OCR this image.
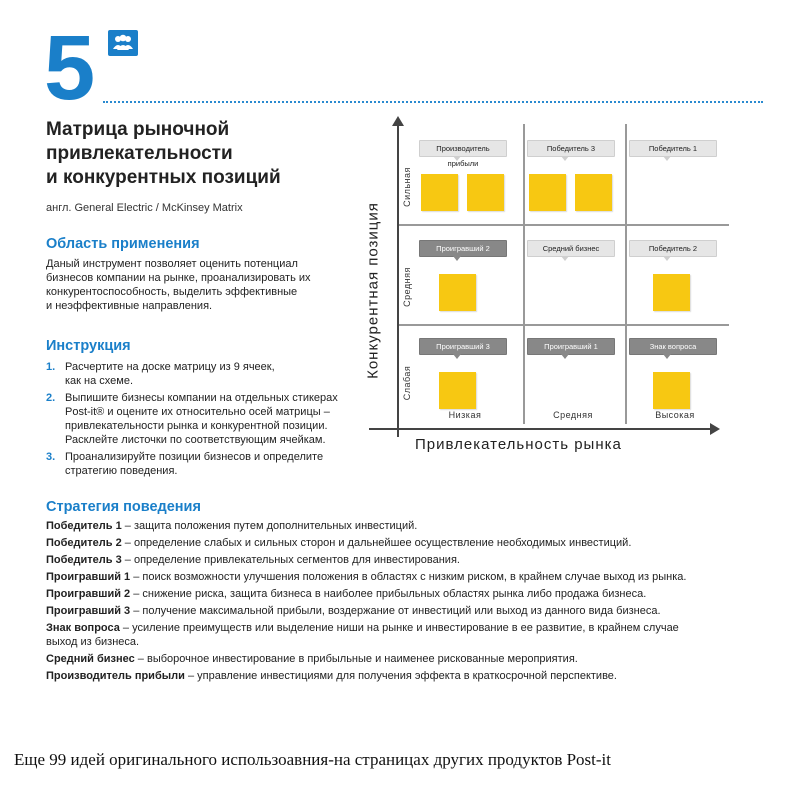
5
Матрица рыночной
привлекательности
и конкурентных позиций
англ. General Electric / McKinsey Matrix
Область применения
Даный инструмент позволяет оценить потенциал
бизнесов компании на рынке, проанализировать их
конкурентоспособность, выделить эффективные
и неэффективные направления.
Инструкция
1. Расчертите на доске матрицу из 9 ячеек,
как на схеме.
2. Выпишите бизнесы компании на отдельных стикерах
Post-it® и оцените их относительно осей матрицы –
привлекательности рынка и конкурентной позиции.
Расклейте листочки по соответствующим ячейкам.
3. Проанализируйте позиции бизнесов и определите
стратегию поведения.
Стратегия поведения
Победитель 1 – защита положения путем дополнительных инвестиций.
Победитель 2 – определение слабых и сильных сторон и дальнейшее осуществление необходимых инвестиций.
Победитель 3 – определение привлекательных сегментов для инвестирования.
Проигравший 1 – поиск возможности улучшения положения в областях с низким риском, в крайнем случае выход из рынка.
Проигравший 2 – снижение риска, защита бизнеса в наиболее прибыльных областях рынка либо продажа бизнеса.
Проигравший 3 – получение максимальной прибыли, воздержание от инвестиций или выход из данного вида бизнеса.
Знак вопроса – усиление преимуществ или выделение ниши на рынке и инвестирование в ее развитие, в крайнем случае
выход из бизнеса.
Средний бизнес – выборочное инвестирование в прибыльные и наименее рискованные мероприятия.
Производитель прибыли – управление инвестициями для получения эффекта в краткосрочной перспективе.
Конкурентная позиция
Сильная
Средняя
Слабая
Низкая	Средняя	Высокая
Привлекательность рынка
Производитель прибыли
Победитель 3	Победитель 1
Проигравший 2	Средний бизнес	Победитель 2
Проигравший 3	Проигравший 1	Знак вопроса
Еще 99 идей оригинального использоавния-на страницах других продуктов Post-it
